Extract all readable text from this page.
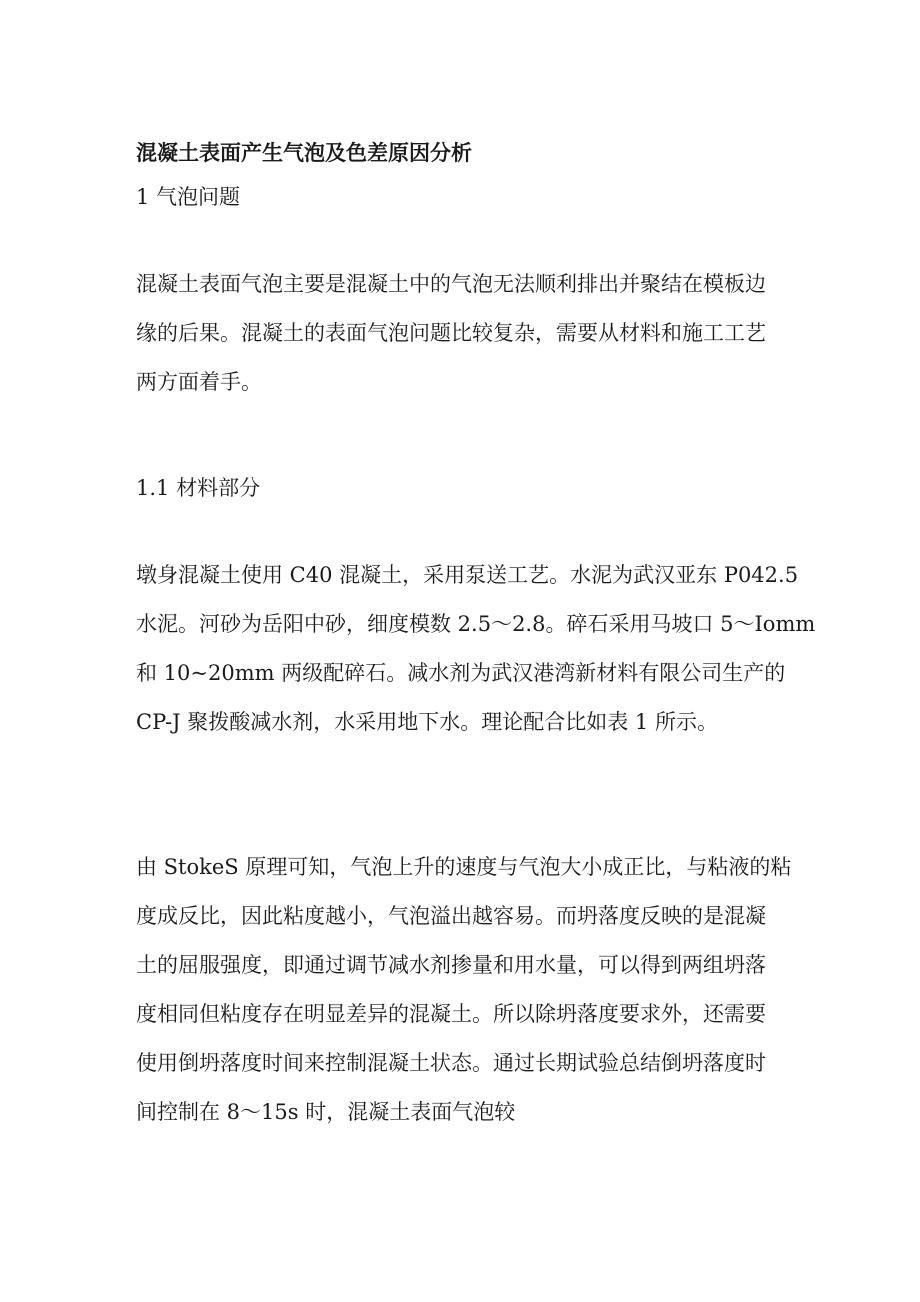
混凝土表面产生气泡及色差原因分析
1 气泡问题
混凝土表面气泡主要是混凝土中的气泡无法顺利排出并聚结在模板边
缘的后果。混凝土的表面气泡问题比较复杂，需要从材料和施工工艺
两方面着手。
1.1 材料部分
墩身混凝土使用 C40 混凝土，采用泵送工艺。水泥为武汉亚东 P042.5
水泥。河砂为岳阳中砂，细度模数 2.5～2.8。碎石采用马坡口 5～Iomm
和 10~20mm 两级配碎石。减水剂为武汉港湾新材料有限公司生产的
CP-J 聚拨酸减水剂，水采用地下水。理论配合比如表 1 所示。
由 StokeS 原理可知，气泡上升的速度与气泡大小成正比，与粘液的粘
度成反比，因此粘度越小，气泡溢出越容易。而坍落度反映的是混凝
土的屈服强度，即通过调节减水剂掺量和用水量，可以得到两组坍落
度相同但粘度存在明显差异的混凝土。所以除坍落度要求外，还需要
使用倒坍落度时间来控制混凝土状态。通过长期试验总结倒坍落度时
间控制在 8～15s 时，混凝土表面气泡较
